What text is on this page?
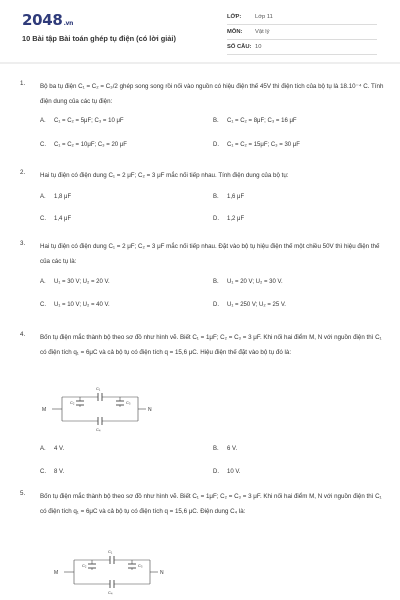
2048.vn
10 Bài tập Bài toán ghép tụ điện (có lời giải)
LỚP: Lớp 11
MÔN: Vật lý
SỐ CÂU: 10
1. Bộ ba tụ điện C₁ = C₂ = C₃/2 ghép song song rồi nối vào nguồn có hiệu điện thế 45V thì điện tích của bộ tụ là 18.10⁻⁴ C. Tính điện dung của các tụ điện:
A. C₁ = C₂ = 5μF; C₃ = 10 μF	B. C₁ = C₂ = 8μF; C₃ = 16 μF
C. C₁ = C₂ = 10μF; C₃ = 20 μF	D. C₁ = C₂ = 15μF; C₃ = 30 μF
2. Hai tụ điện có điện dung C₁ = 2 μF; C₂ = 3 μF mắc nối tiếp nhau. Tính điện dung của bộ tụ:
A. 1,8 μF	B. 1,6 μF
C. 1,4 μF	D. 1,2 μF
3. Hai tụ điện có điện dung C₁ = 2 μF; C₂ = 3 μF mắc nối tiếp nhau. Đặt vào bộ tụ hiệu điện thế một chiều 50V thì hiệu điện thế của các tụ là:
A. U₁ = 30 V; U₂ = 20 V.	B. U₁ = 20 V; U₂ = 30 V.
C. U₁ = 10 V; U₂ = 40 V.	D. U₁ = 250 V; U₂ = 25 V.
4. Bốn tụ điện mắc thành bộ theo sơ đồ như hình vẽ. Biết C₁ = 1μF; C₂ = C₃ = 3 μF. Khi nối hai điểm M, N với nguồn điện thì C₁ có điện tích q₁ = 6μC và cả bộ tụ có điện tích q = 15,6 μC. Hiệu điện thế đặt vào bộ tụ đó là:
M	N
C₁
C₂	C₃
C₄
A. 4 V.	B. 6 V.
C. 8 V.	D. 10 V.
5. Bốn tụ điện mắc thành bộ theo sơ đồ như hình vẽ. Biết C₁ = 1μF; C₂ = C₃ = 3 μF. Khi nối hai điểm M, N với nguồn điện thì C₁ có điện tích q₁ = 6μC và cả bộ tụ có điện tích q = 15,6 μC. Điện dung C₄ là:
M	N
C₁
C₂	C₃
C₄
